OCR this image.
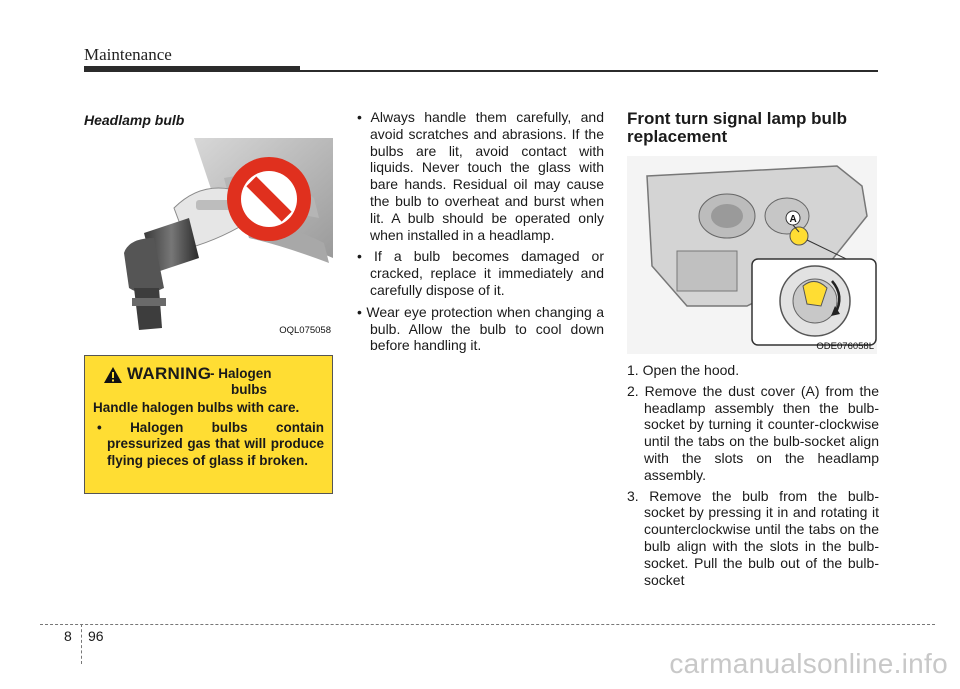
Maintenance
Headlamp bulb
OQL075058
WARNING
- Halogen
bulbs
Handle halogen bulbs with care.
• Halogen bulbs contain pressurized gas that will produce flying pieces of glass if broken.
• Always handle them carefully, and avoid scratches and abrasions. If the bulbs are lit, avoid contact with liquids. Never touch the glass with bare hands. Residual oil may cause the bulb to overheat and burst when lit. A bulb should be operated only when installed in a headlamp.
• If a bulb becomes damaged or cracked, replace it immediately and carefully dispose of it.
• Wear eye protection when changing a bulb. Allow the bulb to cool down before handling it.
Front turn signal lamp bulb replacement
A
ODE076058L
1. Open the hood.
2. Remove the dust cover (A) from the headlamp assembly then the bulb-socket by turning it counter-clockwise until the tabs on the bulb-socket align with the slots on the headlamp assembly.
3. Remove the bulb from the bulb-socket by pressing it in and rotating it counterclockwise until the tabs on the bulb align with the slots in the bulb-socket. Pull the bulb out of the bulb-socket
8 96
carmanualsonline.info
